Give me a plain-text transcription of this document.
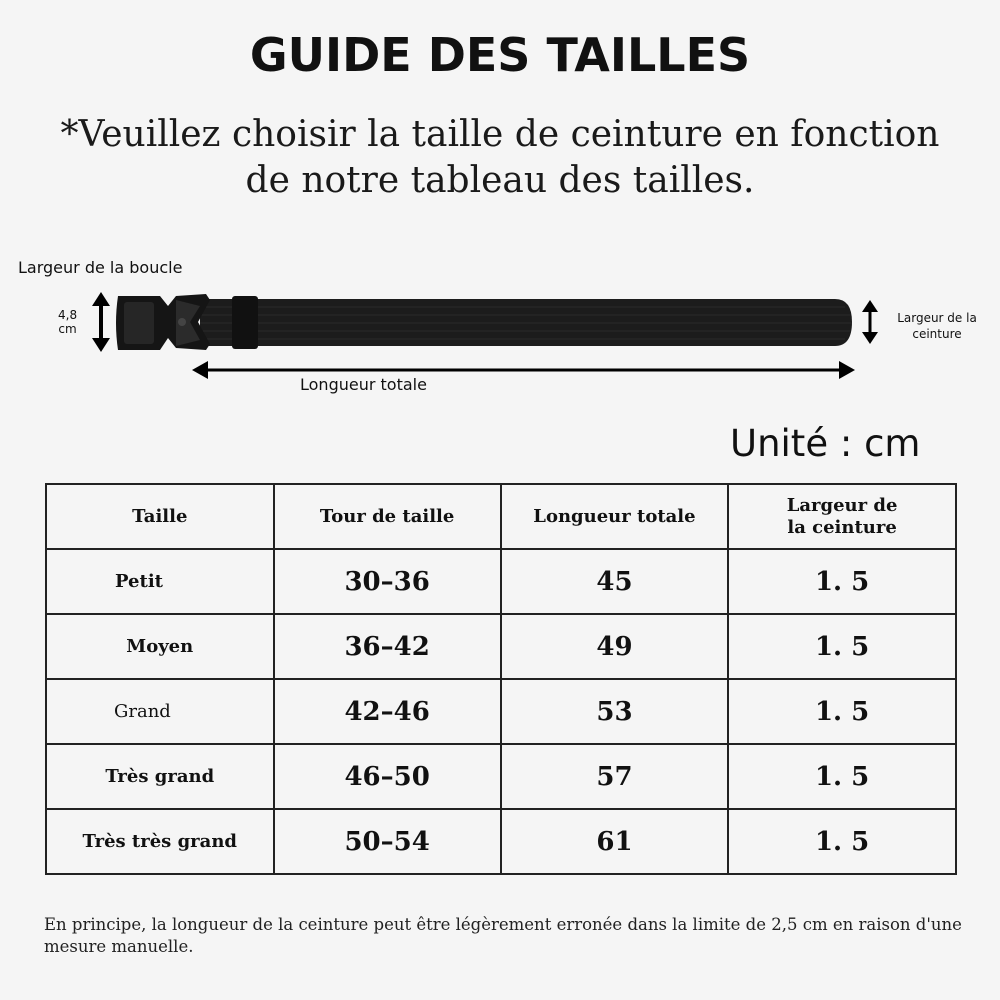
GUIDE DES TAILLES
*Veuillez choisir la taille de ceinture en fonction
de notre tableau des tailles.
Largeur de la boucle
4,8
cm
Largeur de la ceinture
Longueur totale
Unité : cm
Taille	Tour de taille	Longueur totale	Largeur de la ceinture
Petit	30–36	45	1. 5
Moyen	36–42	49	1. 5
Grand	42–46	53	1. 5
Très grand	46–50	57	1. 5
Très très grand	50–54	61	1. 5
En principe, la longueur de la ceinture peut être légèrement erronée dans la limite de 2,5 cm en raison d'une mesure manuelle.
